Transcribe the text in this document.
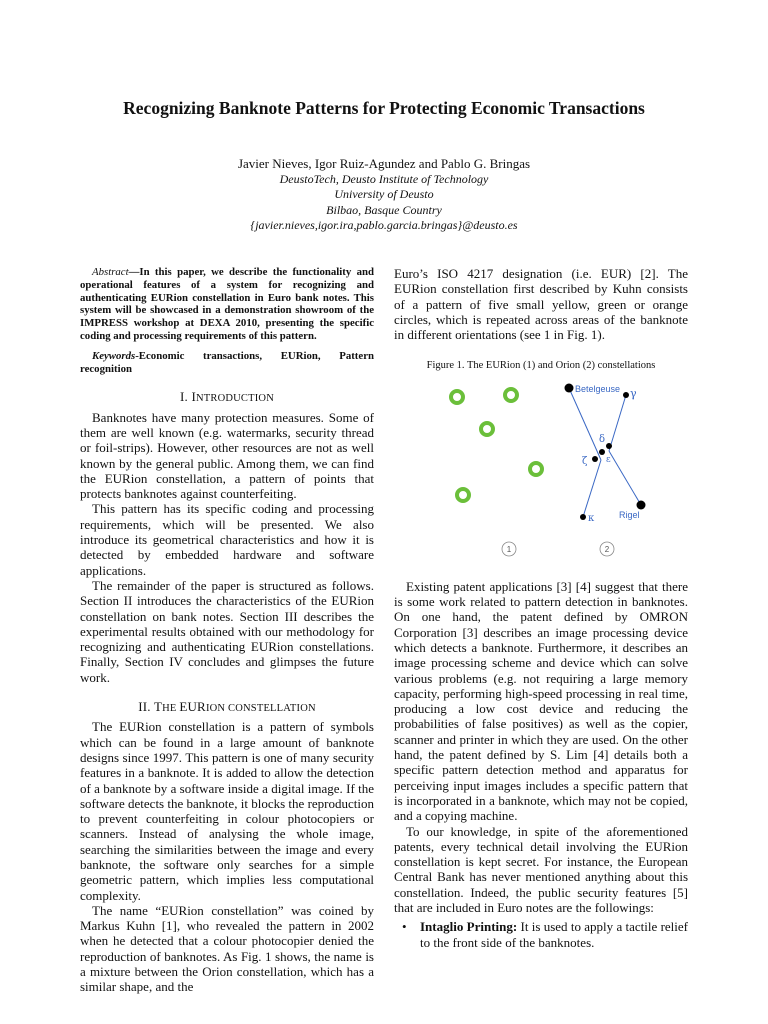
Recognizing Banknote Patterns for Protecting Economic Transactions
Javier Nieves, Igor Ruiz-Agundez and Pablo G. Bringas
DeustoTech, Deusto Institute of Technology
University of Deusto
Bilbao, Basque Country
{javier.nieves,igor.ira,pablo.garcia.bringas}@deusto.es
Abstract—In this paper, we describe the functionality and operational features of a system for recognizing and authenticating EURion constellation in Euro bank notes. This system will be showcased in a demonstration showroom of the IMPRESS workshop at DEXA 2010, presenting the specific coding and processing requirements of this pattern.
Keywords-Economic transactions, EURion, Pattern recognition
I. INTRODUCTION

Banknotes have many protection measures. Some of them are well known (e.g. watermarks, security thread or foil-strips). However, other resources are not as well known by the general public. Among them, we can find the EURion constellation, a pattern of points that protects banknotes against counterfeiting.

This pattern has its specific coding and processing requirements, which will be presented. We also introduce its geometrical characteristics and how it is detected by embedded hardware and software applications.

The remainder of the paper is structured as follows. Section II introduces the characteristics of the EURion constellation on bank notes. Section III describes the experimental results obtained with our methodology for recognizing and authenticating EURion constellations. Finally, Section IV concludes and glimpses the future work.

II. THE EURION CONSTELLATION

The EURion constellation is a pattern of symbols which can be found in a large amount of banknote designs since 1997. This pattern is one of many security features in a banknote. It is added to allow the detection of a banknote by a software inside a digital image. If the software detects the banknote, it blocks the reproduction to prevent counterfeiting in colour photocopiers or scanners. Instead of analysing the whole image, searching the similarities between the image and every banknote, the software only searches for a simple geometric pattern, which implies less computational complexity.

The name “EURion constellation” was coined by Markus Kuhn [1], who revealed the pattern in 2002 when he detected that a colour photocopier denied the reproduction of banknotes. As Fig. 1 shows, the name is a mixture between the Orion constellation, which has a similar shape, and the

Euro’s ISO 4217 designation (i.e. EUR) [2]. The EURion constellation first described by Kuhn consists of a pattern of five small yellow, green or orange circles, which is repeated across areas of the banknote in different orientations (see 1 in Fig. 1).

Figure 1. The EURion (1) and Orion (2) constellations
Betelgeuse γ
δ
ζ ε
κ	Rigel
1	2

Existing patent applications [3] [4] suggest that there is some work related to pattern detection in banknotes. On one hand, the patent defined by OMRON Corporation [3] describes an image processing device which detects a banknote. Furthermore, it describes an image processing scheme and device which can solve various problems (e.g. not requiring a large memory capacity, performing high-speed processing in real time, producing a low cost device and reducing the probabilities of false positives) as well as the copier, scanner and printer in which they are used. On the other hand, the patent defined by S. Lim [4] details both a specific pattern detection method and apparatus for perceiving input images includes a specific pattern that is incorporated in a banknote, which may not be copied, and a copying machine.

To our knowledge, in spite of the aforementioned patents, every technical detail involving the EURion constellation is kept secret. For instance, the European Central Bank has never mentioned anything about this constellation. Indeed, the public security features [5] that are included in Euro notes are the followings:

• Intaglio Printing: It is used to apply a tactile relief to the front side of the banknotes.
